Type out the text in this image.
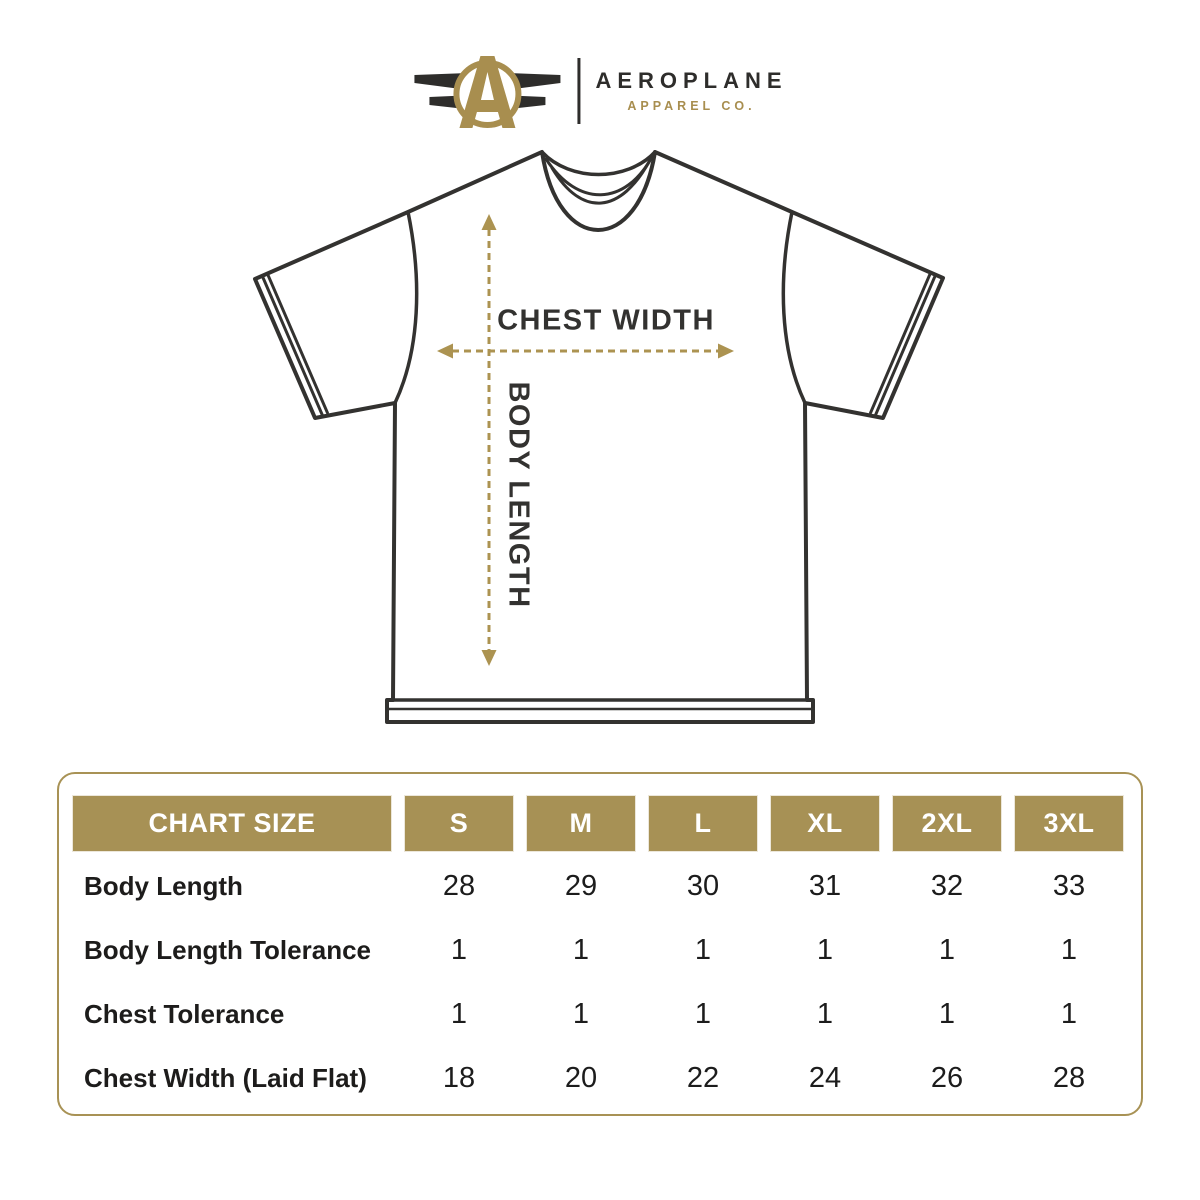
AEROPLANE
APPAREL CO.
CHEST WIDTH
BODY LENGTH
CHART SIZE	S	M	L	XL	2XL	3XL
Body Length	28	29	30	31	32	33
Body Length Tolerance	1	1	1	1	1	1
Chest Tolerance	1	1	1	1	1	1
Chest Width (Laid Flat)	18	20	22	24	26	28
